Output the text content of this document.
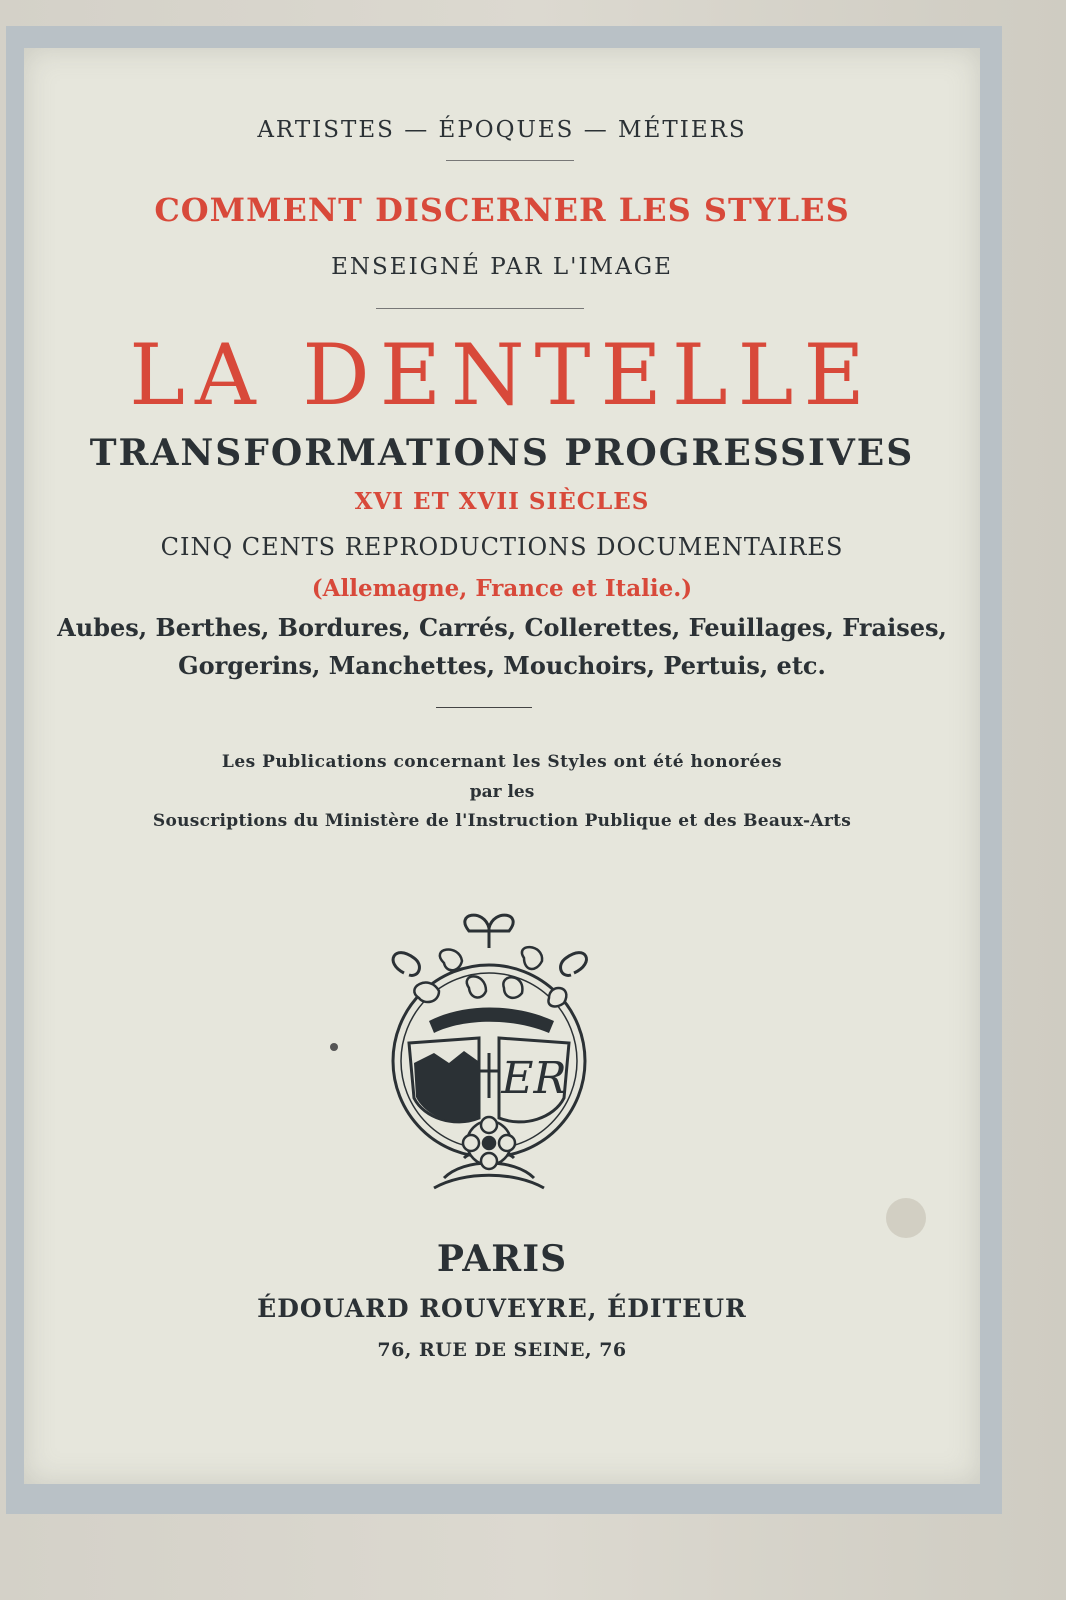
ARTISTES — ÉPOQUES — MÉTIERS
COMMENT DISCERNER LES STYLES
ENSEIGNÉ PAR L'IMAGE
LA DENTELLE
TRANSFORMATIONS PROGRESSIVES
XVI ET XVII SIÈCLES
CINQ CENTS REPRODUCTIONS DOCUMENTAIRES
(Allemagne, France et Italie.)
Aubes, Berthes, Bordures, Carrés, Collerettes, Feuillages, Fraises,
Gorgerins, Manchettes, Mouchoirs, Pertuis, etc.
Les Publications concernant les Styles ont été honorées
par les
Souscriptions du Ministère de l'Instruction Publique et des Beaux-Arts
ER
PARIS
ÉDOUARD ROUVEYRE, ÉDITEUR
76, RUE DE SEINE, 76
